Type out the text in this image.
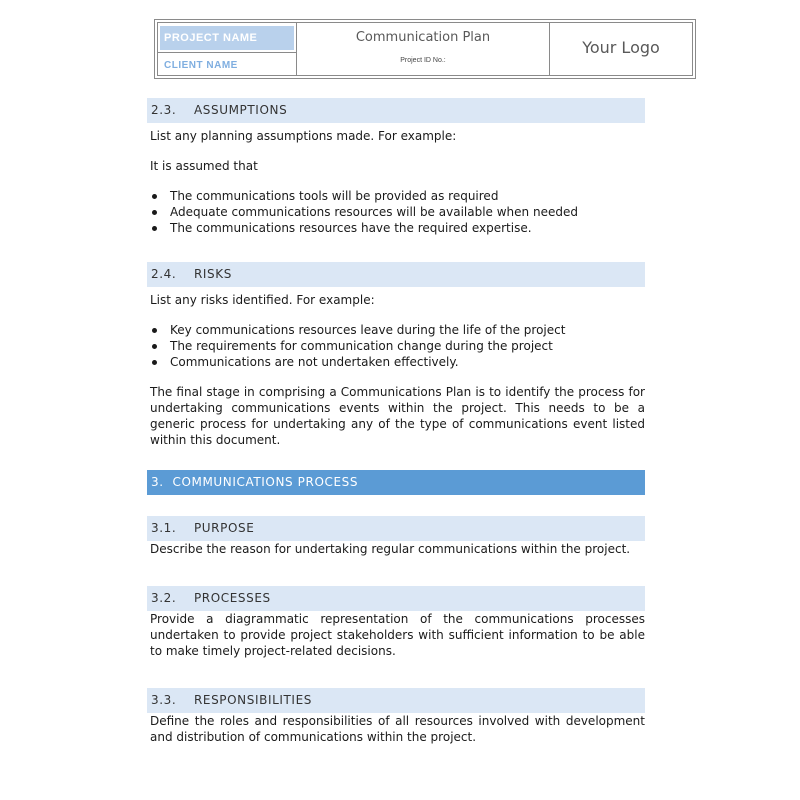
PROJECT NAME
CLIENT NAME
Communication Plan
Project ID No.:
Your Logo
2.3.    ASSUMPTIONS

List any planning assumptions made. For example:

It is assumed that

The communications tools will be provided as required
Adequate communications resources will be available when needed
The communications resources have the required expertise.
2.4.    RISKS

List any risks identified. For example:

Key communications resources leave during the life of the project
The requirements for communication change during the project
Communications are not undertaken effectively.

The final stage in comprising a Communications Plan is to identify the process for undertaking communications events within the project. This needs to be a generic process for undertaking any of the type of communications event listed within this document.

3.  COMMUNICATIONS PROCESS
3.1.    PURPOSE

Describe the reason for undertaking regular communications within the project.

3.2.    PROCESSES

Provide a diagrammatic representation of the communications processes undertaken to provide project stakeholders with sufficient information to be able to make timely project-related decisions.

3.3.    RESPONSIBILITIES

Define the roles and responsibilities of all resources involved with development and distribution of communications within the project.
